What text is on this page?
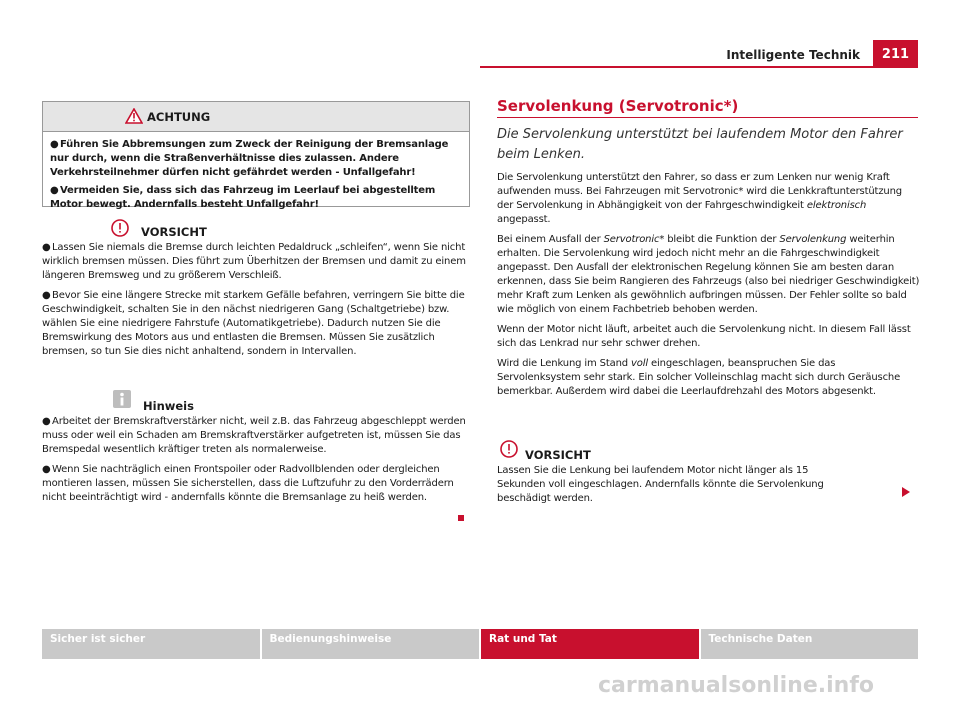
Intelligente Technik	211
ACHTUNG

●Führen Sie Abbremsungen zum Zweck der Reinigung der Bremsanlage nur durch, wenn die Straßenverhältnisse dies zulassen. Andere Verkehrsteilnehmer dürfen nicht gefährdet werden - Unfallgefahr!

●Vermeiden Sie, dass sich das Fahrzeug im Leerlauf bei abgestelltem Motor bewegt. Andernfalls besteht Unfallgefahr!

VORSICHT

●Lassen Sie niemals die Bremse durch leichten Pedaldruck „schleifen“, wenn Sie nicht wirklich bremsen müssen. Dies führt zum Überhitzen der Bremsen und damit zu einem längeren Bremsweg und zu größerem Verschleiß.

●Bevor Sie eine längere Strecke mit starkem Gefälle befahren, verringern Sie bitte die Geschwindigkeit, schalten Sie in den nächst niedrigeren Gang (Schaltgetriebe) bzw. wählen Sie eine niedrigere Fahrstufe (Automatikgetriebe). Dadurch nutzen Sie die Bremswirkung des Motors aus und entlasten die Bremsen. Müssen Sie zusätzlich bremsen, so tun Sie dies nicht anhaltend, sondern in Intervallen.

Hinweis

●Arbeitet der Bremskraftverstärker nicht, weil z.B. das Fahrzeug abgeschleppt werden muss oder weil ein Schaden am Bremskraftverstärker aufgetreten ist, müssen Sie das Bremspedal wesentlich kräftiger treten als normalerweise.

●Wenn Sie nachträglich einen Frontspoiler oder Radvollblenden oder dergleichen montieren lassen, müssen Sie sicherstellen, dass die Luftzufuhr zu den Vorderrädern nicht beeinträchtigt wird - andernfalls könnte die Bremsanlage zu heiß werden.

Servolenkung (Servotronic*)
Die Servolenkung unterstützt bei laufendem Motor den Fahrer beim Lenken.

Die Servolenkung unterstützt den Fahrer, so dass er zum Lenken nur wenig Kraft aufwenden muss. Bei Fahrzeugen mit Servotronic* wird die Lenkkraftunterstützung der Servolenkung in Abhängigkeit von der Fahrgeschwindigkeit elektronisch angepasst.

Bei einem Ausfall der Servotronic* bleibt die Funktion der Servolenkung weiterhin erhalten. Die Servolenkung wird jedoch nicht mehr an die Fahrgeschwindigkeit angepasst. Den Ausfall der elektronischen Regelung können Sie am besten daran erkennen, dass Sie beim Rangieren des Fahrzeugs (also bei niedriger Geschwindigkeit) mehr Kraft zum Lenken als gewöhnlich aufbringen müssen. Der Fehler sollte so bald wie möglich von einem Fachbetrieb behoben werden.

Wenn der Motor nicht läuft, arbeitet auch die Servolenkung nicht. In diesem Fall lässt sich das Lenkrad nur sehr schwer drehen.

Wird die Lenkung im Stand voll eingeschlagen, beanspruchen Sie das Servolenksystem sehr stark. Ein solcher Volleinschlag macht sich durch Geräusche bemerkbar. Außerdem wird dabei die Leerlaufdrehzahl des Motors abgesenkt.

VORSICHT

Lassen Sie die Lenkung bei laufendem Motor nicht länger als 15 Sekunden voll eingeschlagen. Andernfalls könnte die Servolenkung beschädigt werden.

Sicher ist sicher	Bedienungshinweise	Rat und Tat	Technische Daten
carmanualsonline.info
